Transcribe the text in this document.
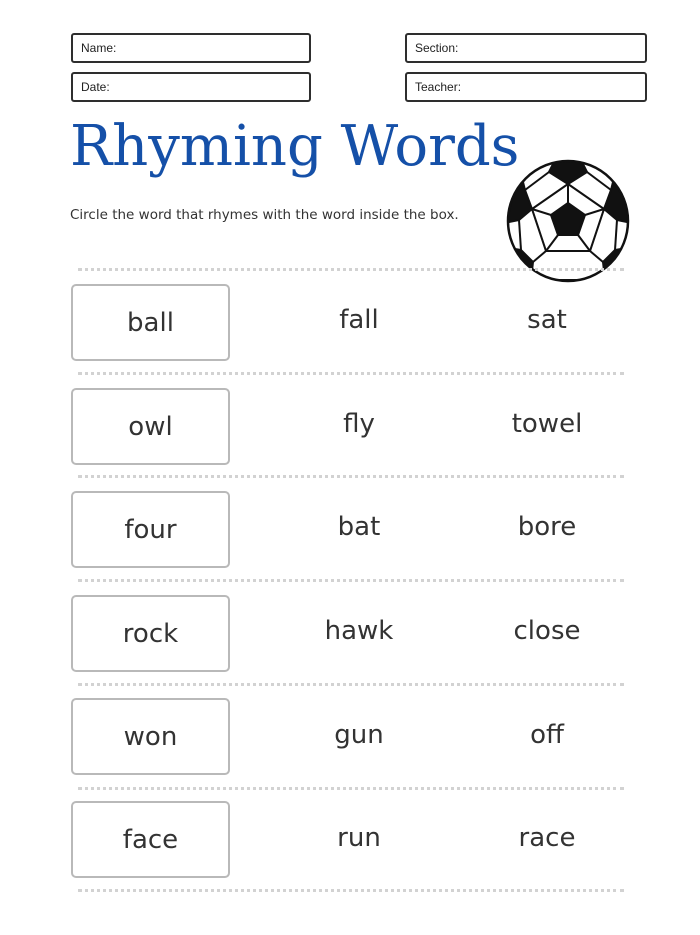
Name:
Date:
Section:
Teacher:
Rhyming Words
Circle the word that rhymes with the word inside the box.
ball	fall	sat
owl	fly	towel
four	bat	bore
rock	hawk	close
won	gun	off
face	run	race
